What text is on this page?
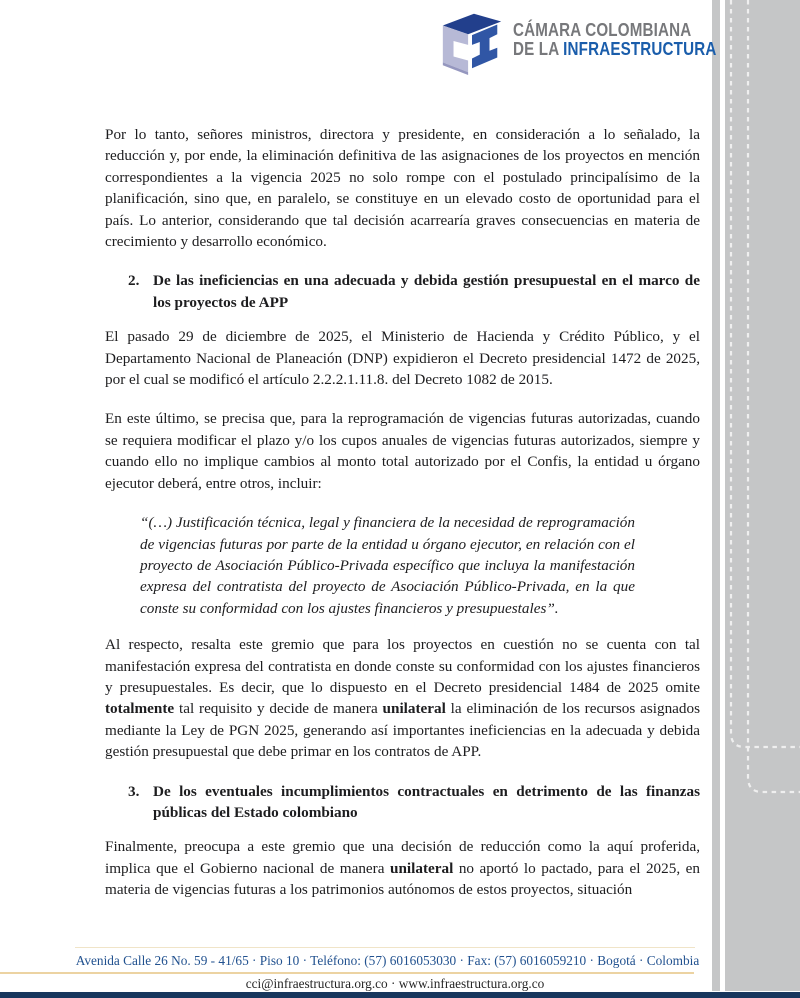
CÁMARA COLOMBIANA
DE LA INFRAESTRUCTURA

Por lo tanto, señores ministros, directora y presidente, en consideración a lo señalado, la reducción y, por ende, la eliminación definitiva de las asignaciones de los proyectos en mención correspondientes a la vigencia 2025 no solo rompe con el postulado principalísimo de la planificación, sino que, en paralelo, se constituye en un elevado costo de oportunidad para el país. Lo anterior, considerando que tal decisión acarrearía graves consecuencias en materia de crecimiento y desarrollo económico.

2. De las ineficiencias en una adecuada y debida gestión presupuestal en el marco de los proyectos de APP

El pasado 29 de diciembre de 2025, el Ministerio de Hacienda y Crédito Público, y el Departamento Nacional de Planeación (DNP) expidieron el Decreto presidencial 1472 de 2025, por el cual se modificó el artículo 2.2.2.1.11.8. del Decreto 1082 de 2015.

En este último, se precisa que, para la reprogramación de vigencias futuras autorizadas, cuando se requiera modificar el plazo y/o los cupos anuales de vigencias futuras autorizados, siempre y cuando ello no implique cambios al monto total autorizado por el Confis, la entidad u órgano ejecutor deberá, entre otros, incluir:

“(…) Justificación técnica, legal y financiera de la necesidad de reprogramación de vigencias futuras por parte de la entidad u órgano ejecutor, en relación con el proyecto de Asociación Público-Privada específico que incluya la manifestación expresa del contratista del proyecto de Asociación Público-Privada, en la que conste su conformidad con los ajustes financieros y presupuestales”.

Al respecto, resalta este gremio que para los proyectos en cuestión no se cuenta con tal manifestación expresa del contratista en donde conste su conformidad con los ajustes financieros y presupuestales. Es decir, que lo dispuesto en el Decreto presidencial 1484 de 2025 omite totalmente tal requisito y decide de manera unilateral la eliminación de los recursos asignados mediante la Ley de PGN 2025, generando así importantes ineficiencias en la adecuada y debida gestión presupuestal que debe primar en los contratos de APP.

3. De los eventuales incumplimientos contractuales en detrimento de las finanzas públicas del Estado colombiano

Finalmente, preocupa a este gremio que una decisión de reducción como la aquí proferida, implica que el Gobierno nacional de manera unilateral no aportó lo pactado, para el 2025, en materia de vigencias futuras a los patrimonios autónomos de estos proyectos, situación

Avenida Calle 26 No. 59 - 41/65 · Piso 10 · Teléfono: (57) 6016053030 · Fax: (57) 6016059210 · Bogotá · Colombia
cci@infraestructura.org.co · www.infraestructura.org.co
